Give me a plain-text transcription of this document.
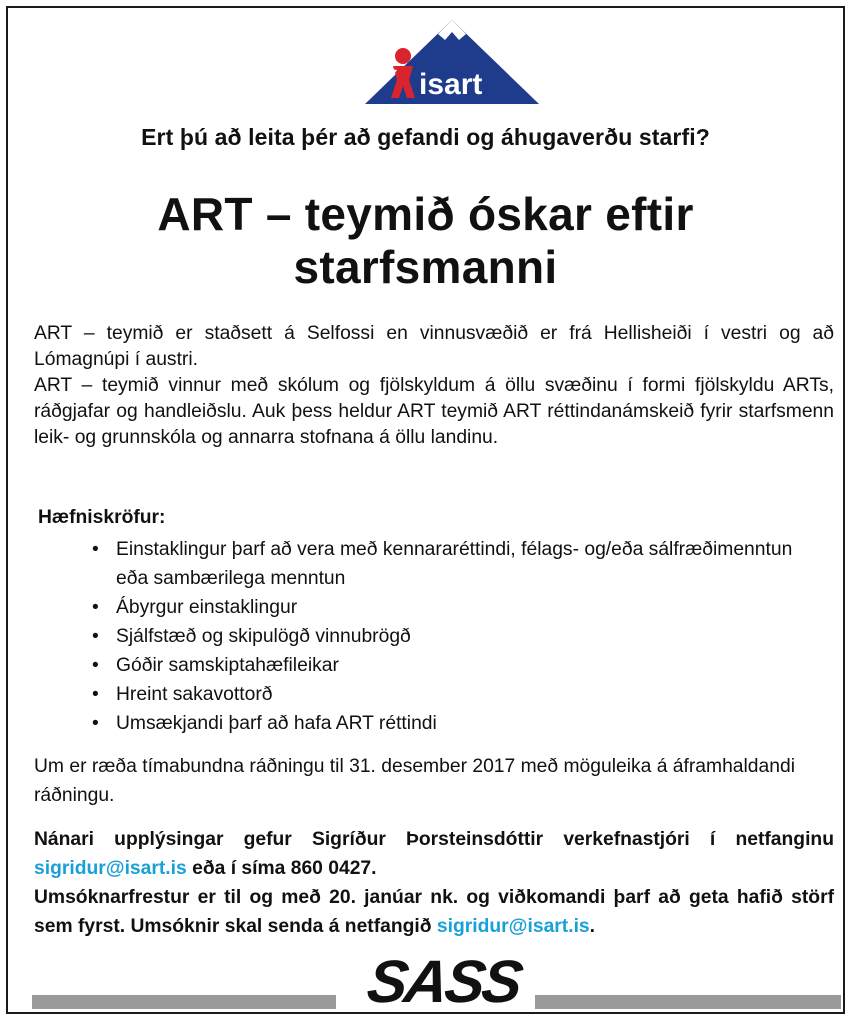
isart
Ert þú að leita þér að gefandi og áhugaverðu starfi?
ART – teymið óskar eftir
starfsmanni

ART – teymið er staðsett á Selfossi en vinnusvæðið er frá Hellisheiði í vestri og að Lómagnúpi í austri.

ART – teymið vinnur með skólum og fjölskyldum á öllu svæðinu í formi fjölskyldu ARTs, ráðgjafar og handleiðslu. Auk þess heldur ART teymið ART réttindanámskeið fyrir starfsmenn leik- og grunnskóla og annarra stofnana á öllu landinu.

Hæfniskröfur:
• Einstaklingur þarf að vera með kennararéttindi, félags- og/eða sálfræðimenntun eða sambærilega menntun
• Ábyrgur einstaklingur
• Sjálfstæð og skipulögð vinnubrögð
• Góðir samskiptahæfileikar
• Hreint sakavottorð
• Umsækjandi þarf að hafa ART réttindi
Um er ræða tímabundna ráðningu til 31. desember 2017 með möguleika á áframhaldandi ráðningu.

Nánari upplýsingar gefur Sigríður Þorsteinsdóttir verkefnastjóri í netfanginu sigridur@isart.is eða í síma 860 0427.

Umsóknarfrestur er til og með 20. janúar nk. og viðkomandi þarf að geta hafið störf sem fyrst. Umsóknir skal senda á netfangið sigridur@isart.is.

SASS
